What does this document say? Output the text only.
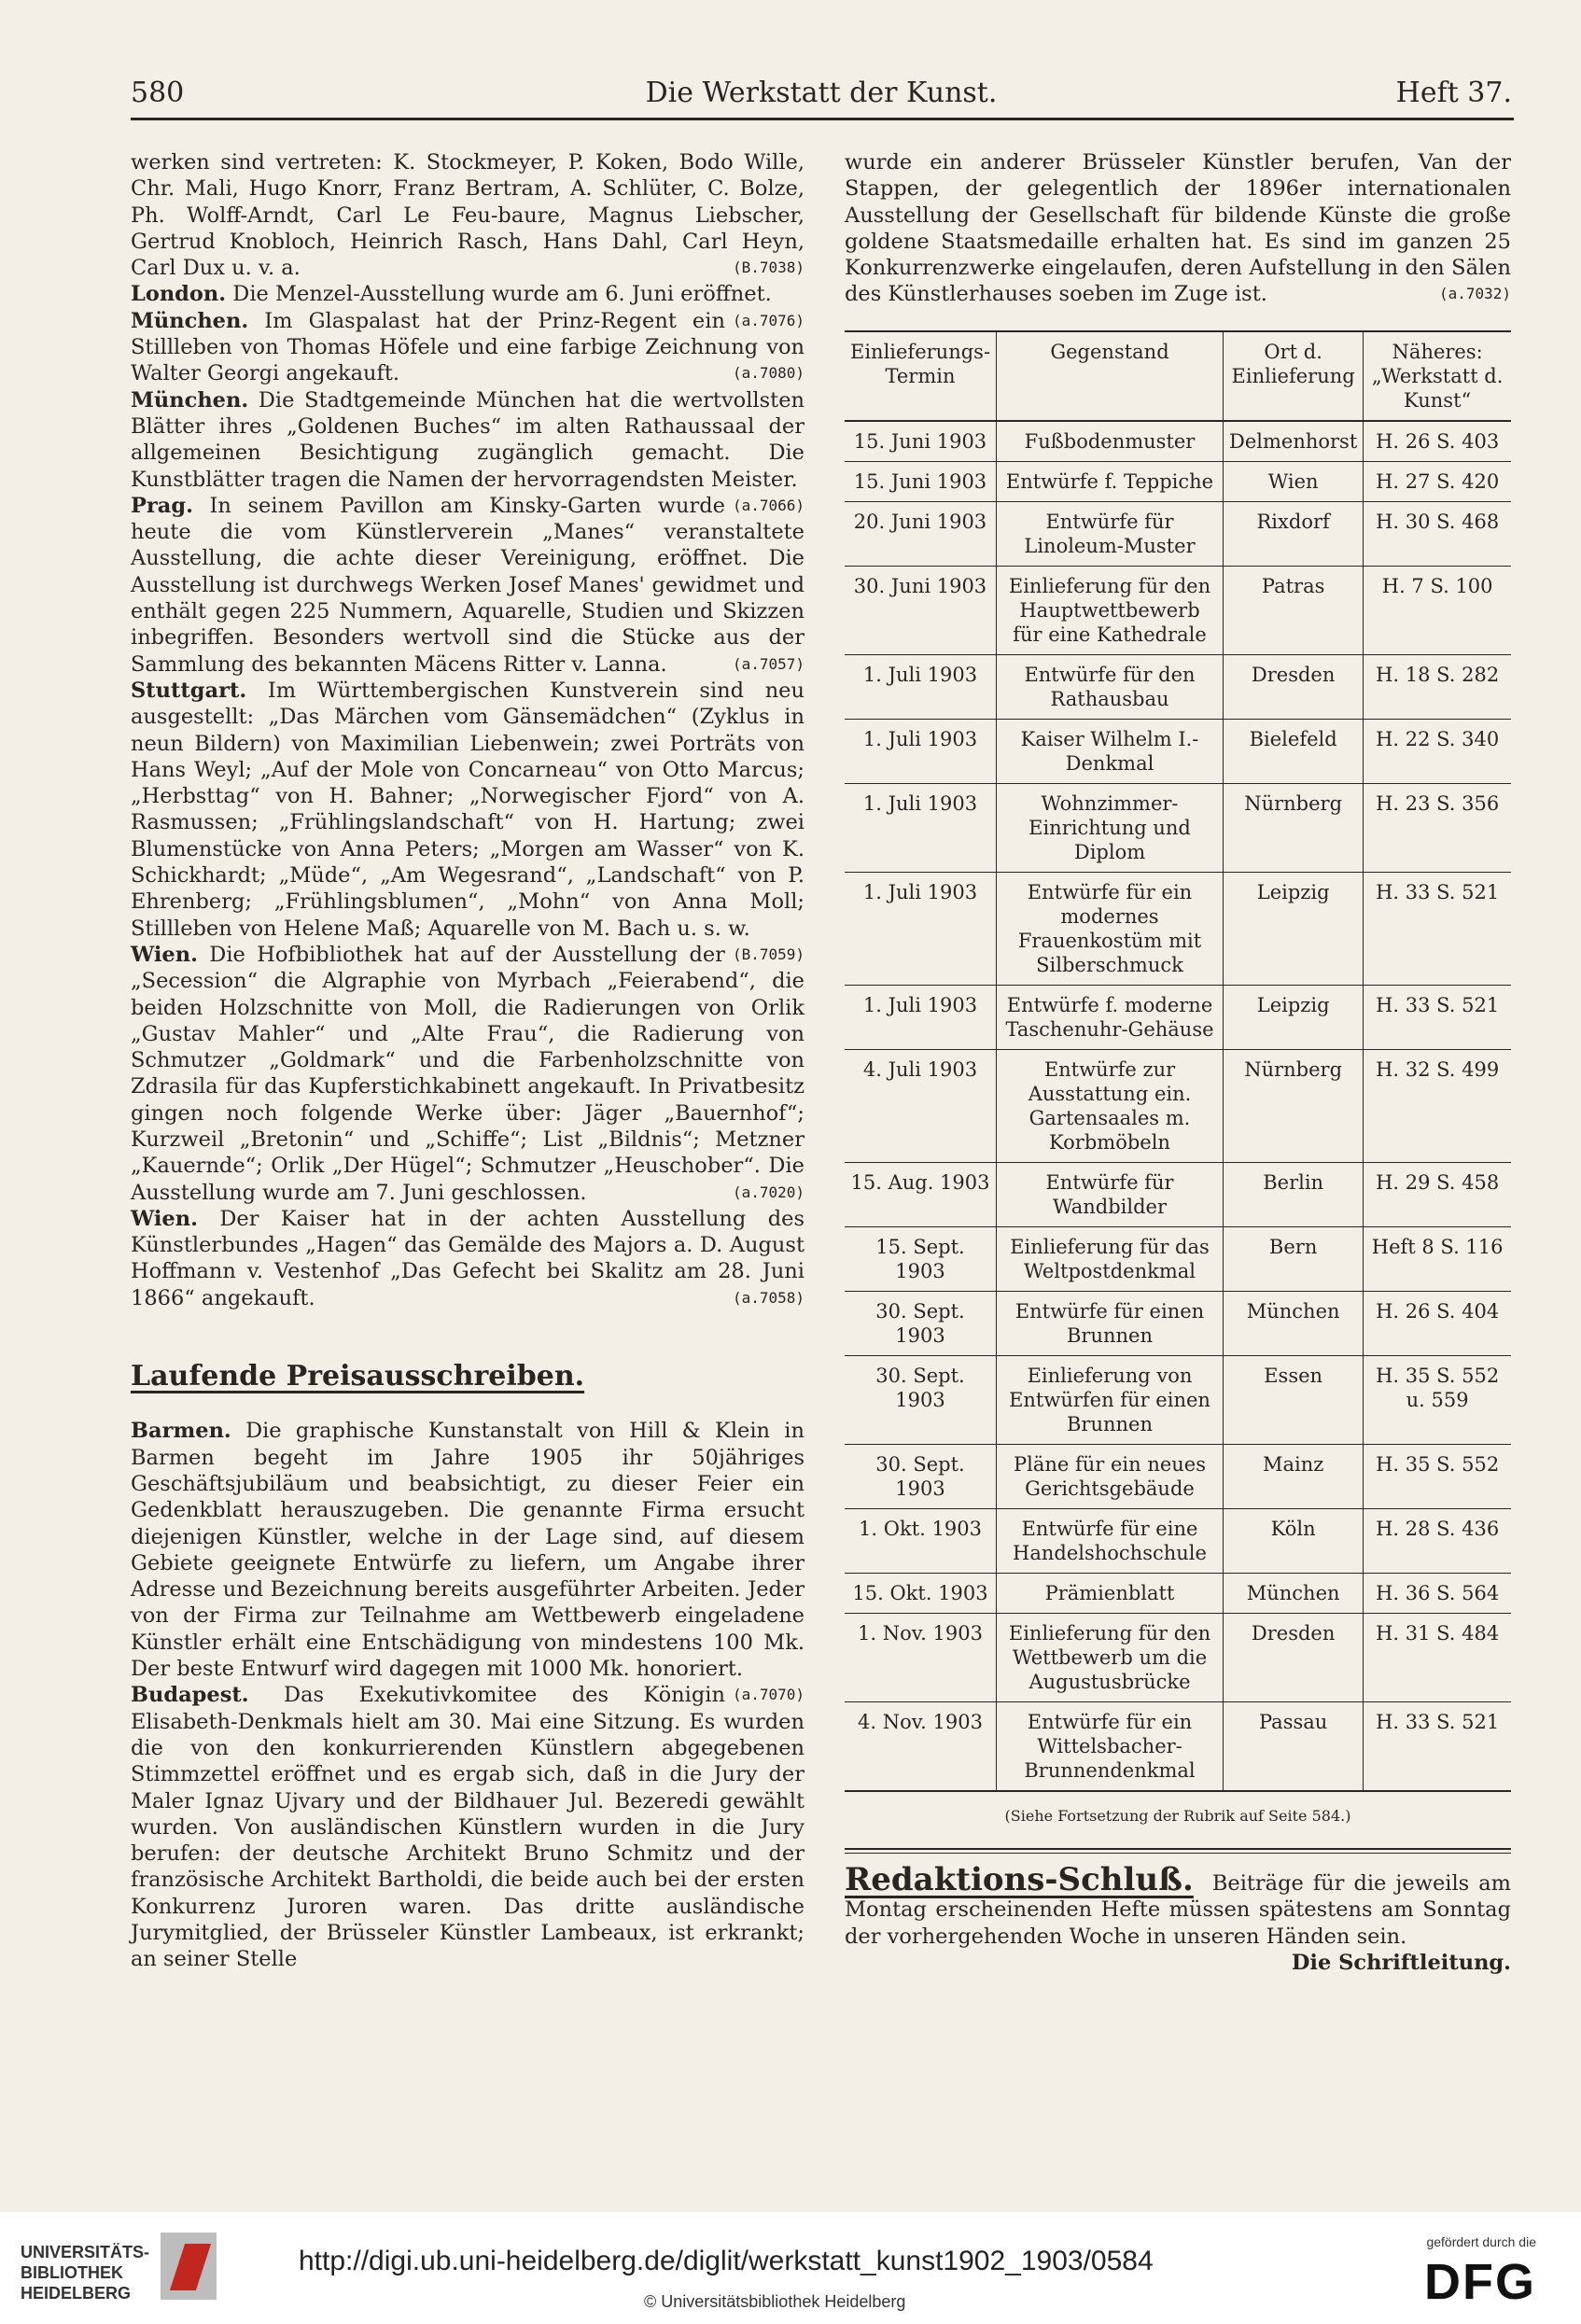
580	Die Werkstatt der Kunst.	Heft 37.

werken sind vertreten: K. Stockmeyer, P. Koken, Bodo Wille, Chr. Mali, Hugo Knorr, Franz Bertram, A. Schlüter, C. Bolze, Ph. Wolff-Arndt, Carl Le Feu-baure, Magnus Liebscher, Gertrud Knobloch, Heinrich Rasch, Hans Dahl, Carl Heyn, Carl Dux u. v. a.	(B.7038)

London. Die Menzel-Ausstellung wurde am 6. Juni eröffnet.
(a.7076)

München. Im Glaspalast hat der Prinz-Regent ein Stillleben von Thomas Höfele und eine farbige Zeichnung von Walter Georgi angekauft.	(a.7080)

München. Die Stadtgemeinde München hat die wertvollsten Blätter ihres „Goldenen Buches“ im alten Rathaussaal der allgemeinen Besichtigung zugänglich gemacht. Die Kunstblätter tragen die Namen der hervorragendsten Meister.
(a.7066)

Prag. In seinem Pavillon am Kinsky-Garten wurde heute die vom Künstlerverein „Manes“ veranstaltete Ausstellung, die achte dieser Vereinigung, eröffnet. Die Ausstellung ist durchwegs Werken Josef Manes' gewidmet und enthält gegen 225 Nummern, Aquarelle, Studien und Skizzen inbegriffen. Besonders wertvoll sind die Stücke aus der Sammlung des bekannten Mäcens Ritter v. Lanna.	(a.7057)

Stuttgart. Im Württembergischen Kunstverein sind neu ausgestellt: „Das Märchen vom Gänsemädchen“ (Zyklus in neun Bildern) von Maximilian Liebenwein; zwei Porträts von Hans Weyl; „Auf der Mole von Concarneau“ von Otto Marcus; „Herbsttag“ von H. Bahner; „Norwegischer Fjord“ von A. Rasmussen; „Frühlingslandschaft“ von H. Hartung; zwei Blumenstücke von Anna Peters; „Morgen am Wasser“ von K. Schickhardt; „Müde“, „Am Wegesrand“, „Landschaft“ von P. Ehrenberg; „Frühlingsblumen“, „Mohn“ von Anna Moll; Stillleben von Helene Maß; Aquarelle von M. Bach u. s. w.
(B.7059)

Wien. Die Hofbibliothek hat auf der Ausstellung der „Secession“ die Algraphie von Myrbach „Feierabend“, die beiden Holzschnitte von Moll, die Radierungen von Orlik „Gustav Mahler“ und „Alte Frau“, die Radierung von Schmutzer „Goldmark“ und die Farbenholzschnitte von Zdrasila für das Kupferstichkabinett angekauft. In Privatbesitz gingen noch folgende Werke über: Jäger „Bauernhof“; Kurzweil „Bretonin“ und „Schiffe“; List „Bildnis“; Metzner „Kauernde“; Orlik „Der Hügel“; Schmutzer „Heuschober“. Die Ausstellung wurde am 7. Juni geschlossen.	(a.7020)

Wien. Der Kaiser hat in der achten Ausstellung des Künstlerbundes „Hagen“ das Gemälde des Majors a. D. August Hoffmann v. Vestenhof „Das Gefecht bei Skalitz am 28. Juni 1866“ angekauft.	(a.7058)

Laufende Preisausschreiben.

Barmen. Die graphische Kunstanstalt von Hill & Klein in Barmen begeht im Jahre 1905 ihr 50jähriges Geschäftsjubiläum und beabsichtigt, zu dieser Feier ein Gedenkblatt herauszugeben. Die genannte Firma ersucht diejenigen Künstler, welche in der Lage sind, auf diesem Gebiete geeignete Entwürfe zu liefern, um Angabe ihrer Adresse und Bezeichnung bereits ausgeführter Arbeiten. Jeder von der Firma zur Teilnahme am Wettbewerb eingeladene Künstler erhält eine Entschädigung von mindestens 100 Mk. Der beste Entwurf wird dagegen mit 1000 Mk. honoriert.
(a.7070)

Budapest. Das Exekutivkomitee des Königin Elisabeth-Denkmals hielt am 30. Mai eine Sitzung. Es wurden die von den konkurrierenden Künstlern abgegebenen Stimmzettel eröffnet und es ergab sich, daß in die Jury der Maler Ignaz Ujvary und der Bildhauer Jul. Bezeredi gewählt wurden. Von ausländischen Künstlern wurden in die Jury berufen: der deutsche Architekt Bruno Schmitz und der französische Architekt Bartholdi, die beide auch bei der ersten Konkurrenz Juroren waren. Das dritte ausländische Jurymitglied, der Brüsseler Künstler Lambeaux, ist erkrankt; an seiner Stelle

wurde ein anderer Brüsseler Künstler berufen, Van der Stappen, der gelegentlich der 1896er internationalen Ausstellung der Gesellschaft für bildende Künste die große goldene Staatsmedaille erhalten hat. Es sind im ganzen 25 Konkurrenzwerke eingelaufen, deren Aufstellung in den Sälen des Künstlerhauses soeben im Zuge ist.	(a.7032)

Einlieferungs-Termin	Gegenstand	Ort d. Einlieferung	Näheres: „Werkstatt d. Kunst“
15. Juni 1903	Fußbodenmuster	Delmenhorst	H. 26 S. 403
15. Juni 1903	Entwürfe f. Teppiche	Wien	H. 27 S. 420
20. Juni 1903	Entwürfe für Linoleum-Muster	Rixdorf	H. 30 S. 468
30. Juni 1903	Einlieferung für den Hauptwettbewerb für eine Kathedrale	Patras	H. 7 S. 100
1. Juli 1903	Entwürfe für den Rathausbau	Dresden	H. 18 S. 282
1. Juli 1903	Kaiser Wilhelm I.-Denkmal	Bielefeld	H. 22 S. 340
1. Juli 1903	Wohnzimmer-Einrichtung und Diplom	Nürnberg	H. 23 S. 356
1. Juli 1903	Entwürfe für ein modernes Frauenkostüm mit Silberschmuck	Leipzig	H. 33 S. 521
1. Juli 1903	Entwürfe f. moderne Taschenuhr-Gehäuse	Leipzig	H. 33 S. 521
4. Juli 1903	Entwürfe zur Ausstattung ein. Gartensaales m. Korbmöbeln	Nürnberg	H. 32 S. 499
15. Aug. 1903	Entwürfe für Wandbilder	Berlin	H. 29 S. 458
15. Sept. 1903	Einlieferung für das Weltpostdenkmal	Bern	Heft 8 S. 116
30. Sept. 1903	Entwürfe für einen Brunnen	München	H. 26 S. 404
30. Sept. 1903	Einlieferung von Entwürfen für einen Brunnen	Essen	H. 35 S. 552 u. 559
30. Sept. 1903	Pläne für ein neues Gerichtsgebäude	Mainz	H. 35 S. 552
1. Okt. 1903	Entwürfe für eine Handelshochschule	Köln	H. 28 S. 436
15. Okt. 1903	Prämienblatt	München	H. 36 S. 564
1. Nov. 1903	Einlieferung für den Wettbewerb um die Augustusbrücke	Dresden	H. 31 S. 484
4. Nov. 1903	Entwürfe für ein Wittelsbacher-Brunnendenkmal	Passau	H. 33 S. 521
(Siehe Fortsetzung der Rubrik auf Seite 584.)
Redaktions-Schluß. Beiträge für die jeweils am Montag erscheinenden Hefte müssen spätestens am Sonntag der vorhergehenden Woche in unseren Händen sein.
Die Schriftleitung.
UNIVERSITÄTS-
BIBLIOTHEK
HEIDELBERG
http://digi.ub.uni-heidelberg.de/diglit/werkstatt_kunst1902_1903/0584
© Universitätsbibliothek Heidelberg
gefördert durch die
DFG
